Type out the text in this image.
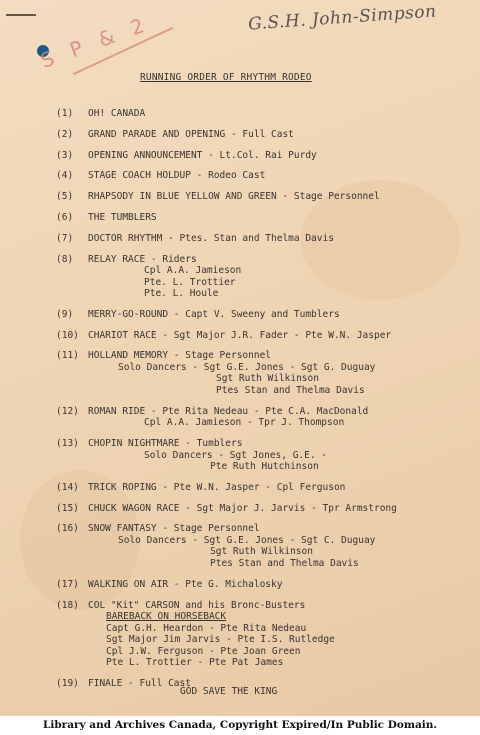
S P & 2	G.S.H. John-Simpson
RUNNING ORDER OF RHYTHM RODEO
(1)	OH! CANADA
(2)	GRAND PARADE AND OPENING - Full Cast
(3)	OPENING ANNOUNCEMENT - Lt.Col. Rai Purdy
(4)	STAGE COACH HOLDUP - Rodeo Cast
(5)	RHAPSODY IN BLUE YELLOW AND GREEN - Stage Personnel
(6)	THE TUMBLERS
(7)	DOCTOR RHYTHM - Ptes. Stan and Thelma Davis
(8)	RELAY RACE - Riders
Cpl A.A. Jamieson
Pte. L. Trottier
Pte. L. Houle
(9)	MERRY-GO-ROUND - Capt V. Sweeny and Tumblers
(10) CHARIOT RACE - Sgt Major J.R. Fader - Pte W.N. Jasper
(11) HOLLAND MEMORY - Stage Personnel
Solo Dancers - Sgt G.E. Jones - Sgt G. Duguay
Sgt Ruth Wilkinson
Ptes Stan and Thelma Davis
(12) ROMAN RIDE - Pte Rita Nedeau - Pte C.A. MacDonald
Cpl A.A. Jamieson - Tpr J. Thompson
(13) CHOPIN NIGHTMARE - Tumblers
Solo Dancers - Sgt Jones, G.E. -
Pte Ruth Hutchinson
(14) TRICK ROPING - Pte W.N. Jasper - Cpl Ferguson
(15) CHUCK WAGON RACE - Sgt Major J. Jarvis - Tpr Armstrong
(16) SNOW FANTASY - Stage Personnel
Solo Dancers - Sgt G.E. Jones - Sgt C. Duguay
Sgt Ruth Wilkinson
Ptes Stan and Thelma Davis
(17) WALKING ON AIR - Pte G. Michalosky
(18) COL "Kit" CARSON and his Bronc-Busters
BAREBACK ON HORSEBACK
Capt G.H. Heardon - Pte Rita Nedeau
Sgt Major Jim Jarvis - Pte I.S. Rutledge
Cpl J.W. Ferguson - Pte Joan Green
Pte L. Trottier - Pte Pat James
(19) FINALE - Full Cast
GOD SAVE THE KING
Library and Archives Canada, Copyright Expired/In Public Domain.
